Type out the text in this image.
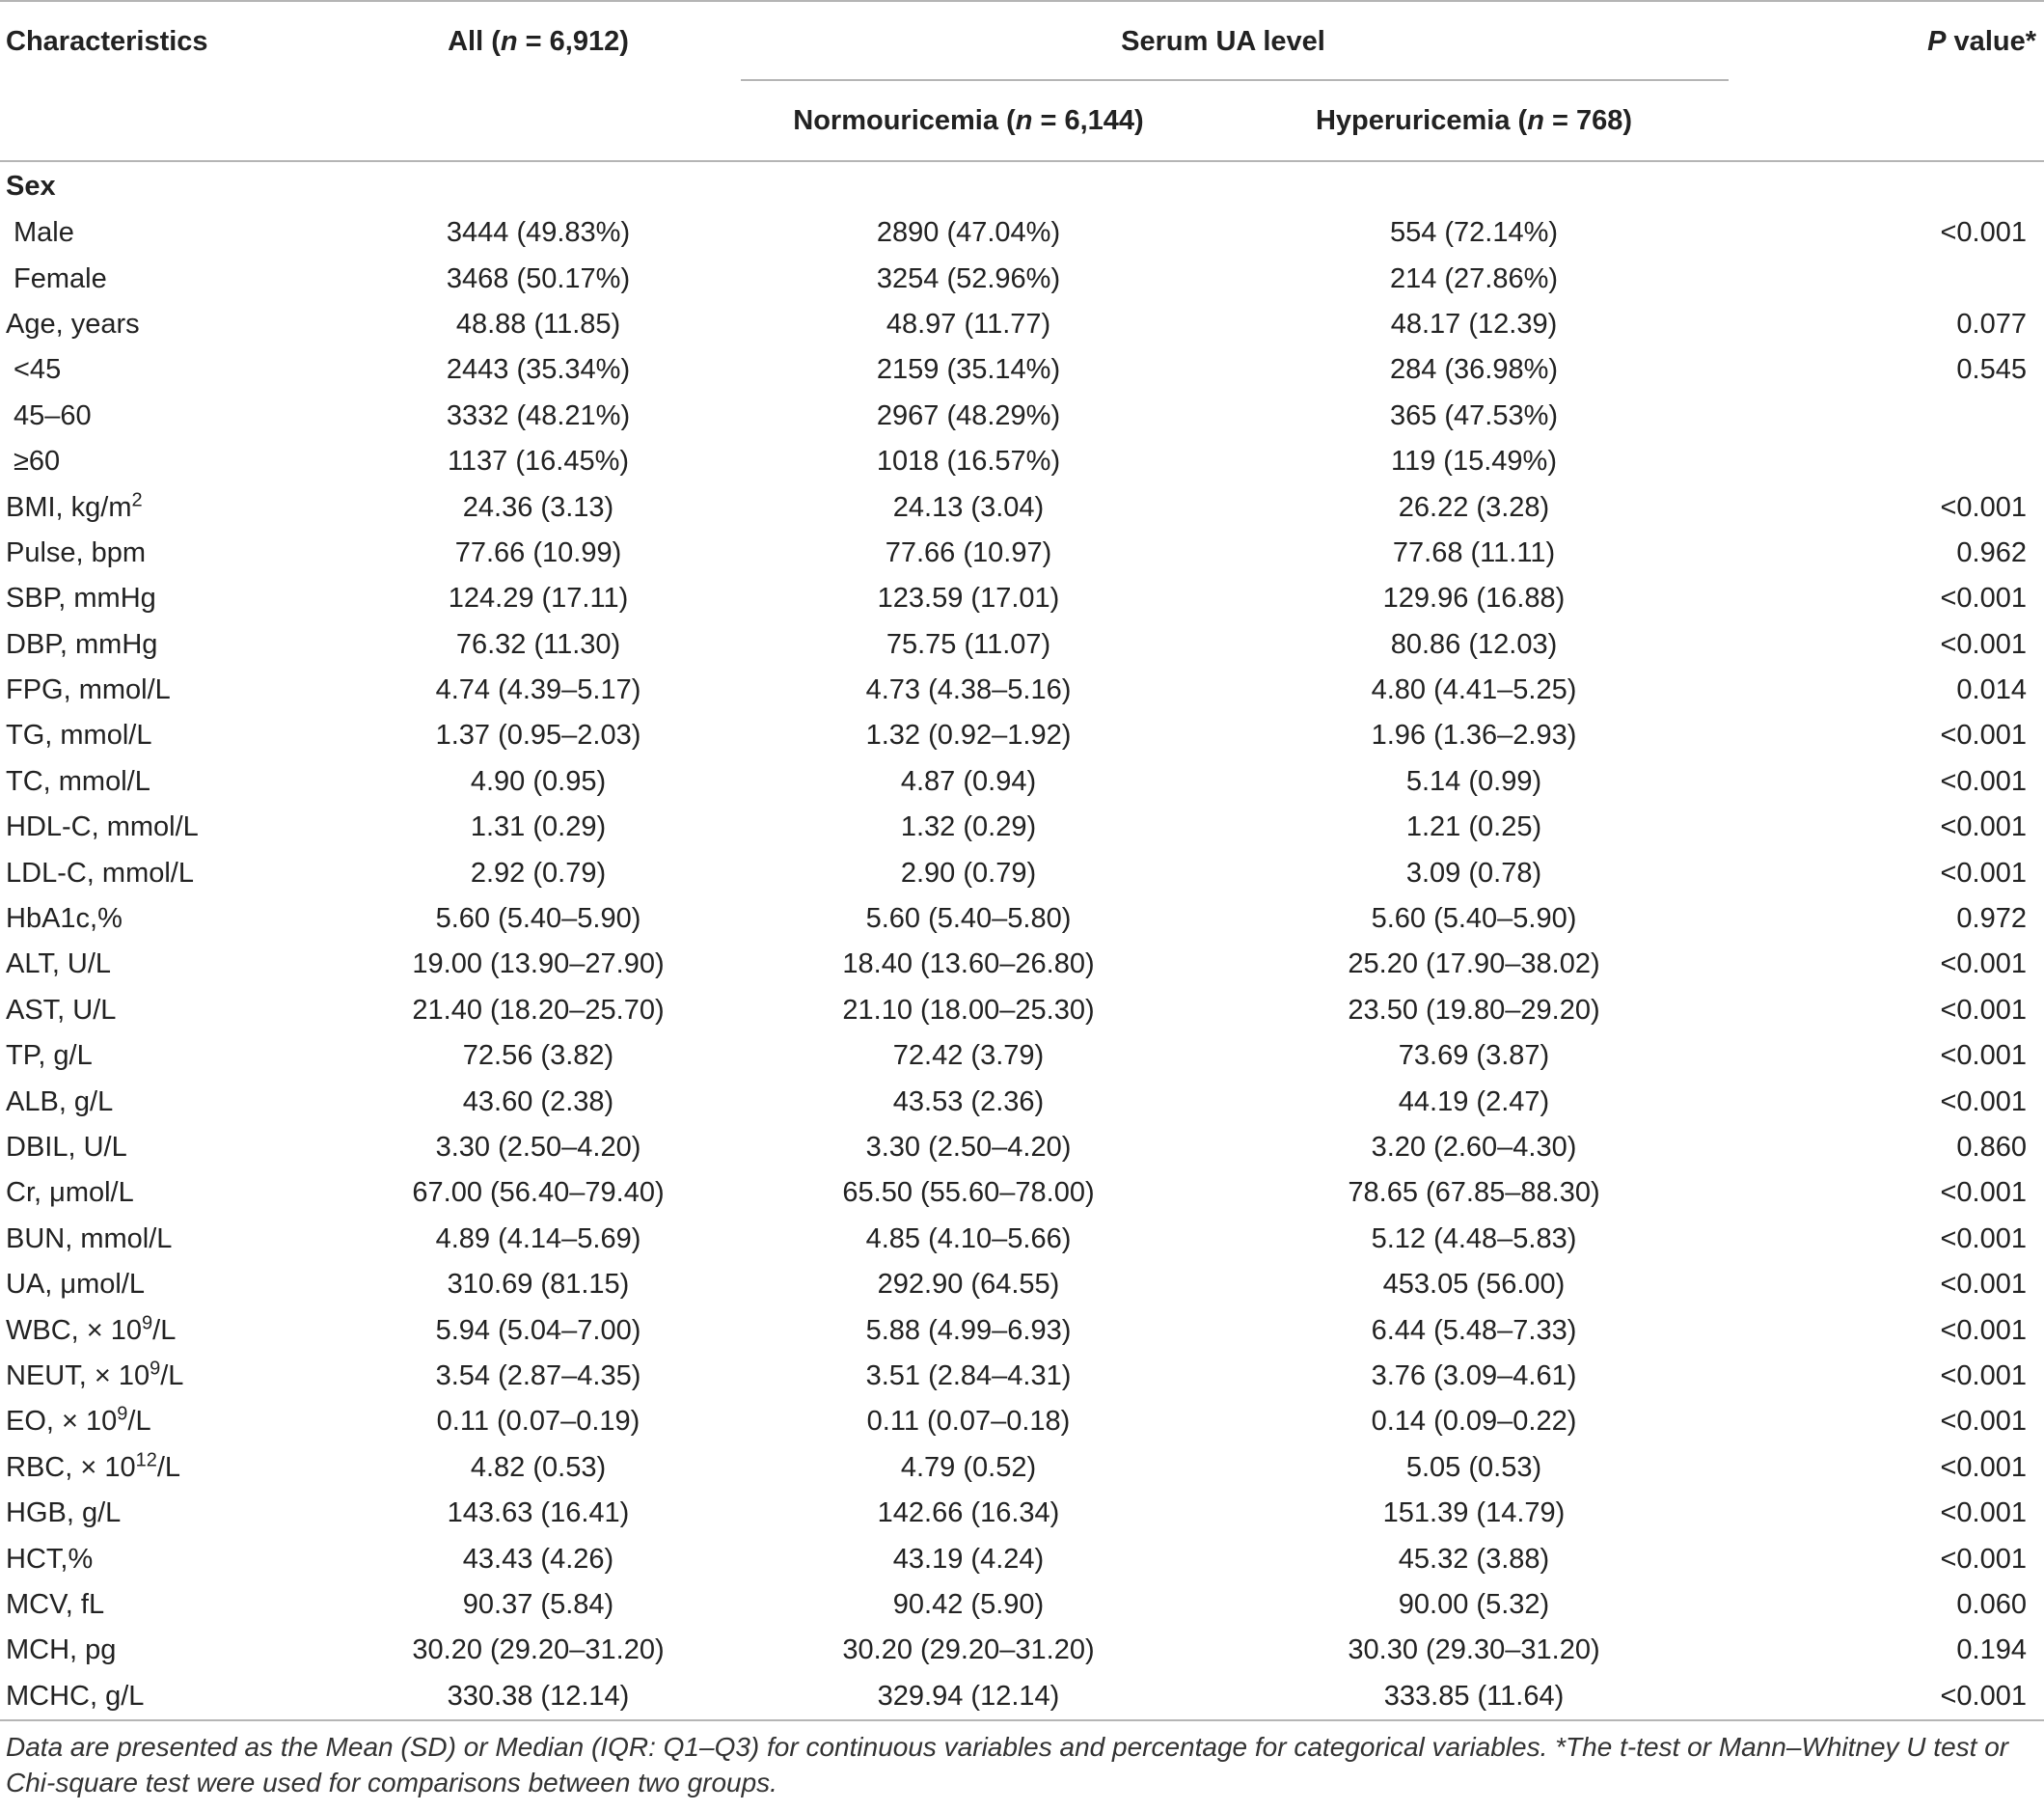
Characteristics	All (n = 6,912)	Serum UA level		P value*
		Normouricemia (n = 6,144)	Hyperuricemia (n = 768)	
Sex				
Male	3444 (49.83%)	2890 (47.04%)	554 (72.14%)	<0.001
Female	3468 (50.17%)	3254 (52.96%)	214 (27.86%)	
Age, years	48.88 (11.85)	48.97 (11.77)	48.17 (12.39)	0.077
<45	2443 (35.34%)	2159 (35.14%)	284 (36.98%)	0.545
45–60	3332 (48.21%)	2967 (48.29%)	365 (47.53%)	
≥60	1137 (16.45%)	1018 (16.57%)	119 (15.49%)	
BMI, $kg/m^2$	24.36 (3.13)	24.13 (3.04)	26.22 (3.28)	<0.001
Pulse, bpm	77.66 (10.99)	77.66 (10.97)	77.68 (11.11)	0.962
SBP, mmHg	124.29 (17.11)	123.59 (17.01)	129.96 (16.88)	<0.001
DBP, mmHg	76.32 (11.30)	75.75 (11.07)	80.86 (12.03)	<0.001
FPG, mmol/L	4.74 (4.39–5.17)	4.73 (4.38–5.16)	4.80 (4.41–5.25)	0.014
TG, mmol/L	1.37 (0.95–2.03)	1.32 (0.92–1.92)	1.96 (1.36–2.93)	<0.001
TC, mmol/L	4.90 (0.95)	4.87 (0.94)	5.14 (0.99)	<0.001
HDL-C, mmol/L	1.31 (0.29)	1.32 (0.29)	1.21 (0.25)	<0.001
LDL-C, mmol/L	2.92 (0.79)	2.90 (0.79)	3.09 (0.78)	<0.001
HbA1c,%	5.60 (5.40–5.90)	5.60 (5.40–5.80)	5.60 (5.40–5.90)	0.972
ALT, U/L	19.00 (13.90–27.90)	18.40 (13.60–26.80)	25.20 (17.90–38.02)	<0.001
AST, U/L	21.40 (18.20–25.70)	21.10 (18.00–25.30)	23.50 (19.80–29.20)	<0.001
TP, g/L	72.56 (3.82)	72.42 (3.79)	73.69 (3.87)	<0.001
ALB, g/L	43.60 (2.38)	43.53 (2.36)	44.19 (2.47)	<0.001
DBIL, U/L	3.30 (2.50–4.20)	3.30 (2.50–4.20)	3.20 (2.60–4.30)	0.860
Cr, μmol/L	67.00 (56.40–79.40)	65.50 (55.60–78.00)	78.65 (67.85–88.30)	<0.001
BUN, mmol/L	4.89 (4.14–5.69)	4.85 (4.10–5.66)	5.12 (4.48–5.83)	<0.001
UA, μmol/L	310.69 (81.15)	292.90 (64.55)	453.05 (56.00)	<0.001
WBC, × $10^9/L$	5.94 (5.04–7.00)	5.88 (4.99–6.93)	6.44 (5.48–7.33)	<0.001
NEUT, × $10^9/L$	3.54 (2.87–4.35)	3.51 (2.84–4.31)	3.76 (3.09–4.61)	<0.001
EO, × $10^9/L$	0.11 (0.07–0.19)	0.11 (0.07–0.18)	0.14 (0.09–0.22)	<0.001
RBC, × $10^{12}/L$	4.82 (0.53)	4.79 (0.52)	5.05 (0.53)	<0.001
HGB, g/L	143.63 (16.41)	142.66 (16.34)	151.39 (14.79)	<0.001
HCT,%	43.43 (4.26)	43.19 (4.24)	45.32 (3.88)	<0.001
MCV, fL	90.37 (5.84)	90.42 (5.90)	90.00 (5.32)	0.060
MCH, pg	30.20 (29.20–31.20)	30.20 (29.20–31.20)	30.30 (29.30–31.20)	0.194
MCHC, g/L	330.38 (12.14)	329.94 (12.14)	333.85 (11.64)	<0.001
Data are presented as the Mean (SD) or Median (IQR: Q1–Q3) for continuous variables and percentage for categorical variables. *The t-test or Mann–Whitney U test or Chi-square test were used for comparisons between two groups.
